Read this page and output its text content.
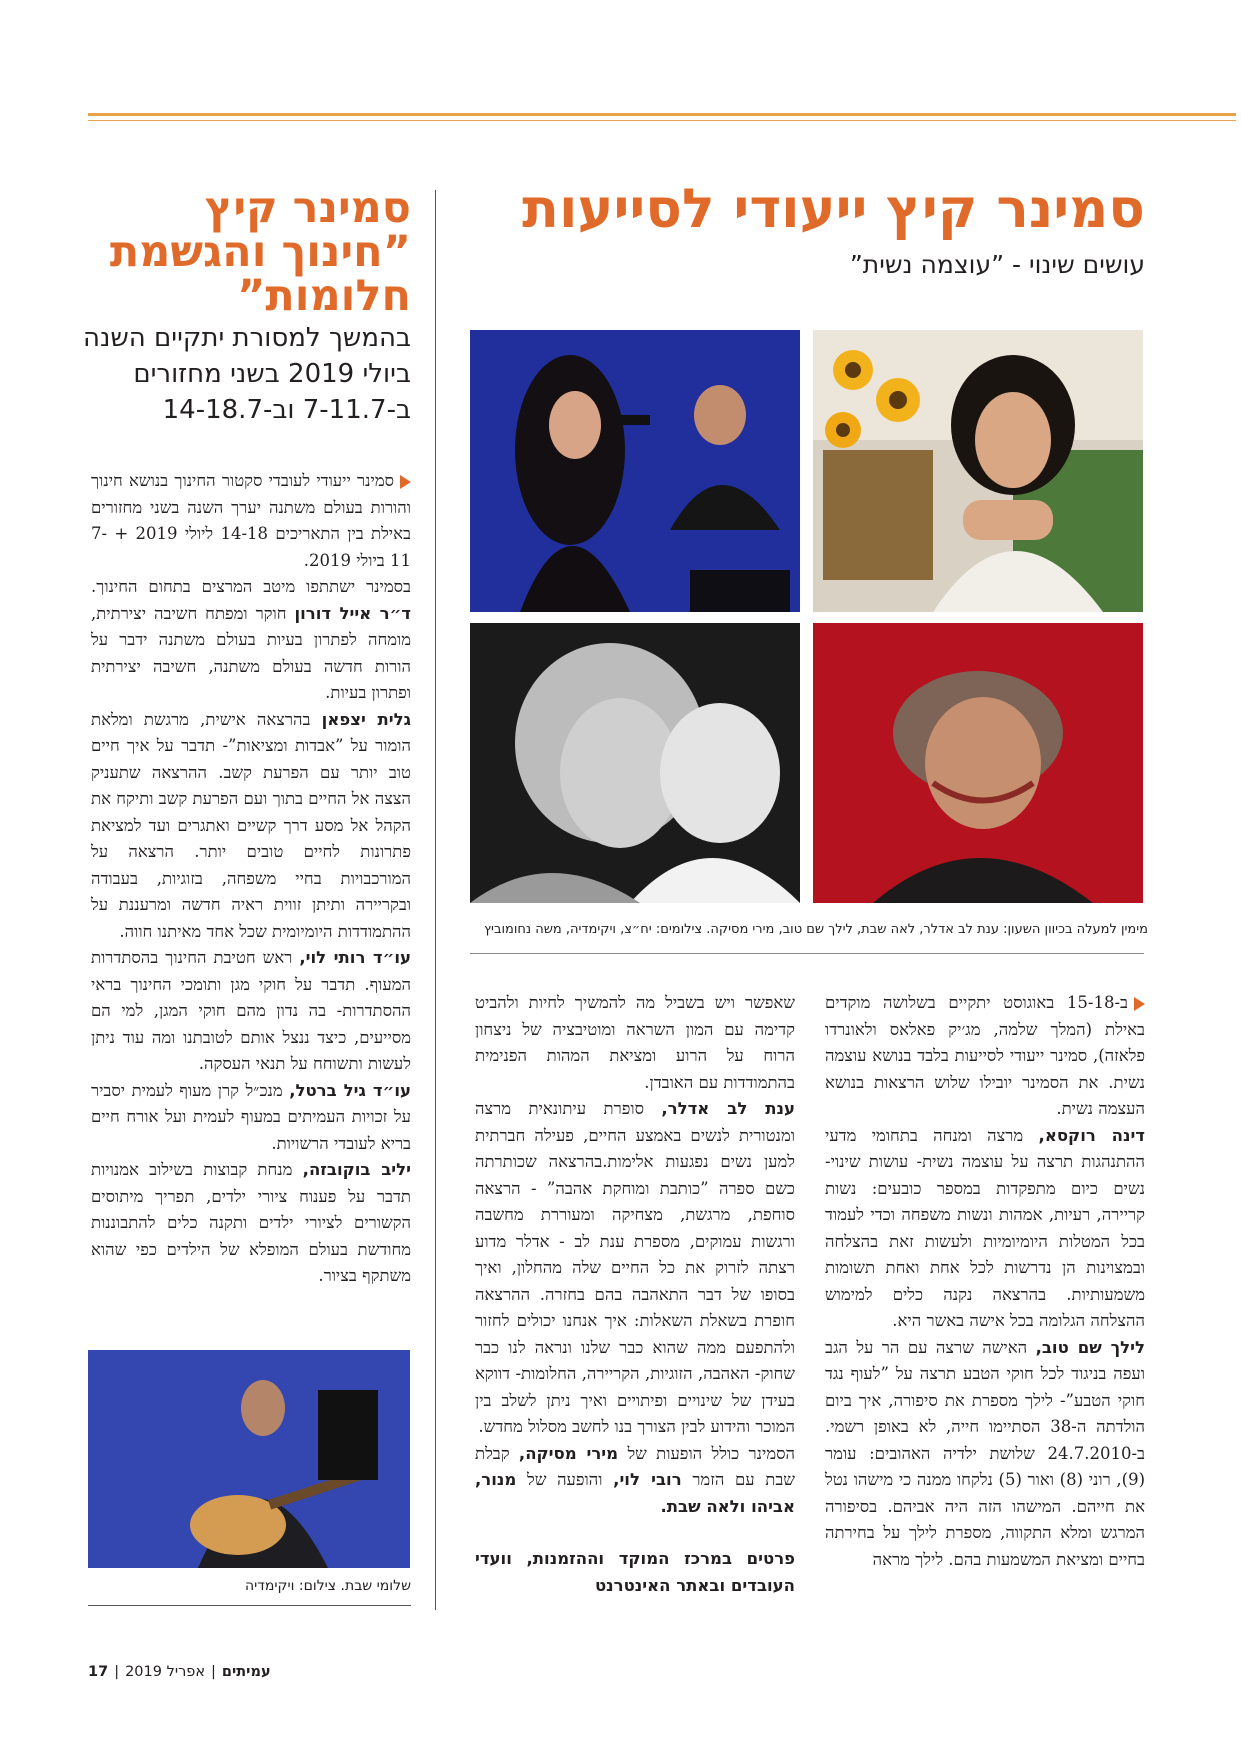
סמינר קיץ ייעודי לסייעות
עושים שינוי - ”עוצמה נשית”
סמינר קיץ
”חינוך והגשמת
חלומות”
בהמשך למסורת יתקיים השנה
ביולי 2019 בשני מחזורים
ב-7-11.7 וב-14-18.7
מימין למעלה בכיוון השעון: ענת לב אדלר, לאה שבת, לילך שם טוב, מירי מסיקה. צילומים: יח״צ, ויקימדיה, משה נחומוביץ

סמינר ייעודי לעובדי סקטור החינוך בנושא חינוך והורות בעולם משתנה יערך השנה בשני מחזורים באילת בין התאריכים 14-18 ליולי 2019 + 7-11 ביולי 2019.

בסמינר ישתתפו מיטב המרצים בתחום החינוך. ד״ר אייל דורון חוקר ומפתח חשיבה יצירתית, מומחה לפתרון בעיות בעולם משתנה ידבר על הורות חדשה בעולם משתנה, חשיבה יצירתית ופתרון בעיות.

גלית יצפאן בהרצאה אישית, מרגשת ומלאת הומור על ”אבדות ומציאות”- תדבר על איך חיים טוב יותר עם הפרעת קשב. ההרצאה שתעניק הצצה אל החיים בתוך ועם הפרעת קשב ותיקח את הקהל אל מסע דרך קשיים ואתגרים ועד למציאת פתרונות לחיים טובים יותר. הרצאה על המורכבויות בחיי משפחה, בזוגיות, בעבודה ובקריירה ותיתן זווית ראיה חדשה ומרעננת על ההתמודדות היומיומית שכל אחד מאיתנו חווה.

עו״ד רותי לוי, ראש חטיבת החינוך בהסתדרות המעוף. תדבר על חוקי מגן ותומכי החינוך בראי ההסתדרות- בה נדון מהם חוקי המגן, למי הם מסייעים, כיצד ננצל אותם לטובתנו ומה עוד ניתן לעשות ותשוחח על תנאי העסקה.

עו״ד גיל ברטל, מנכ״ל קרן מעוף לעמית יסביר על זכויות העמיתים במעוף לעמית ועל אורח חיים בריא לעובדי הרשויות.

יליב בוקובזה, מנחת קבוצות בשילוב אמנויות תדבר על פענוח ציורי ילדים, תפריך מיתוסים הקשורים לציורי ילדים ותקנה כלים להתבוננות מחודשת בעולם המופלא של הילדים כפי שהוא משתקף בציור.

שלומי שבת. צילום: ויקימדיה

שאפשר ויש בשביל מה להמשיך לחיות ולהביט קדימה עם המון השראה ומוטיבציה של ניצחון הרוח על הרוע ומציאת המהות הפנימית בהתמודדות עם האובדן.

ענת לב אדלר, סופרת עיתונאית מרצה ומנטורית לנשים באמצע החיים, פעילה חברתית למען נשים נפגעות אלימות.בהרצאה שכותרתה כשם ספרה ”כותבת ומוחקת אהבה” - הרצאה סוחפת, מרגשת, מצחיקה ומעוררת מחשבה ורגשות עמוקים, מספרת ענת לב - אדלר מדוע רצתה לזרוק את כל החיים שלה מהחלון, ואיך בסופו של דבר התאהבה בהם בחזרה. ההרצאה חופרת בשאלת השאלות: איך אנחנו יכולים לחזור ולהתפעם ממה שהוא כבר שלנו ונראה לנו כבר שחוק- האהבה, הזוגיות, הקריירה, החלומות- דווקא בעידן של שינויים ופיתויים ואיך ניתן לשלב בין המוכר והידוע לבין הצורך בנו לחשב מסלול מחדש.

הסמינר כולל הופעות של מירי מסיקה, קבלת שבת עם הזמר רובי לוי, והופעה של מנור, אביהו ולאה שבת.

פרטים במרכז המוקד וההזמנות, וועדי העובדים ובאתר האינטרנט

ב-15-18 באוגוסט יתקיים בשלושה מוקדים באילת (המלך שלמה, מג׳יק פאלאס ולאונרדו פלאזה), סמינר ייעודי לסייעות בלבד בנושא עוצמה נשית. את הסמינר יובילו שלוש הרצאות בנושא העצמה נשית.

דינה רוקסא, מרצה ומנחה בתחומי מדעי ההתנהגות תרצה על עוצמה נשית- עושות שינוי- נשים כיום מתפקדות במספר כובעים: נשות קריירה, רעיות, אמהות ונשות משפחה וכדי לעמוד בכל המטלות היומיומיות ולעשות זאת בהצלחה ובמצוינות הן נדרשות לכל אחת ואחת תשומות משמעותיות. בהרצאה נקנה כלים למימוש ההצלחה הגלומה בכל אישה באשר היא.

לילך שם טוב, האישה שרצה עם הר על הגב ועפה בניגוד לכל חוקי הטבע תרצה על ”לעוף נגד חוקי הטבע”- לילך מספרת את סיפורה, איך ביום הולדתה ה-38 הסתיימו חייה, לא באופן רשמי. ב-24.7.2010 שלושת ילדיה האהובים: עומר (9), רוני (8) ואור (5) נלקחו ממנה כי מישהו נטל את חייהם. המישהו הזה היה אביהם. בסיפורה המרגש ומלא התקווה, מספרת לילך על בחירתה בחיים ומציאת המשמעות בהם. לילך מראה

עמיתים|אפריל 2019|17
